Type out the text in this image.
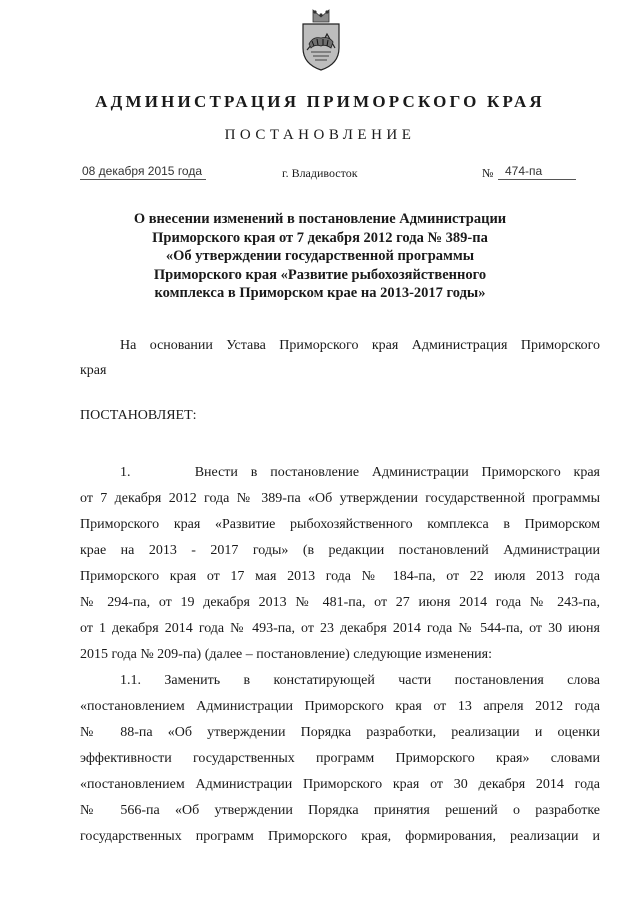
АДМИНИСТРАЦИЯ ПРИМОРСКОГО КРАЯ
ПОСТАНОВЛЕНИЕ
08 декабря 2015 года	г. Владивосток	№ 474-па
О внесении изменений в постановление Администрации
Приморского края от 7 декабря 2012 года № 389-па
«Об утверждении государственной программы
Приморского края «Развитие рыбохозяйственного
комплекса в Приморском крае на 2013-2017 годы»
На основании Устава Приморского края Администрация Приморского
края
ПОСТАНОВЛЯЕТ:
1.     Внести в постановление Администрации Приморского края
от 7 декабря 2012 года № 389-па «Об утверждении государственной программы
Приморского края «Развитие рыбохозяйственного комплекса в Приморском
крае на 2013 - 2017 годы» (в редакции постановлений Администрации
Приморского края от 17 мая 2013 года № 184-па, от 22 июля 2013 года
№ 294-па, от 19 декабря 2013 № 481-па, от 27 июня 2014 года № 243-па,
от 1 декабря 2014 года № 493-па, от 23 декабря 2014 года № 544-па, от 30 июня
2015 года № 209-па) (далее – постановление) следующие изменения:
1.1. Заменить в констатирующей части постановления слова
«постановлением Администрации Приморского края от 13 апреля 2012 года
№ 88-па «Об утверждении Порядка разработки, реализации и оценки
эффективности государственных программ Приморского края» словами
«постановлением Администрации Приморского края от 30 декабря 2014 года
№ 566-па «Об утверждении Порядка принятия решений о разработке
государственных программ Приморского края, формирования, реализации и
